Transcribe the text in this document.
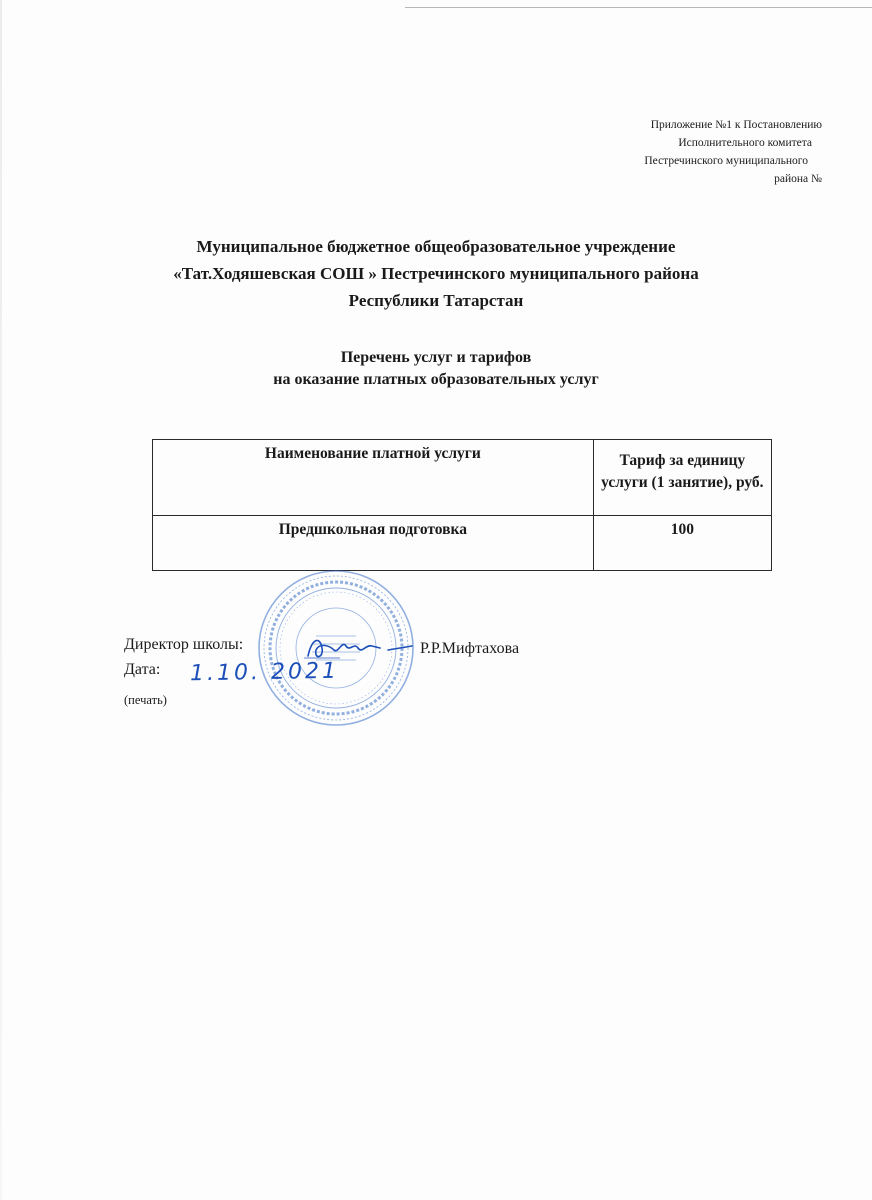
Приложение №1 к Постановлению
Исполнительного комитета
Пестречинского муниципального
района №
Муниципальное бюджетное общеобразовательное учреждение
«Тат.Ходяшевская СОШ » Пестречинского муниципального района
Республики Татарстан
Перечень услуг и тарифов
на оказание платных образовательных услуг
Наименование платной услуги	Тариф за единицу услуги (1 занятие), руб.
Предшкольная подготовка	100
Директор школы:	Р.Р.Мифтахова
Дата: 1.10. 2021
(печать)
